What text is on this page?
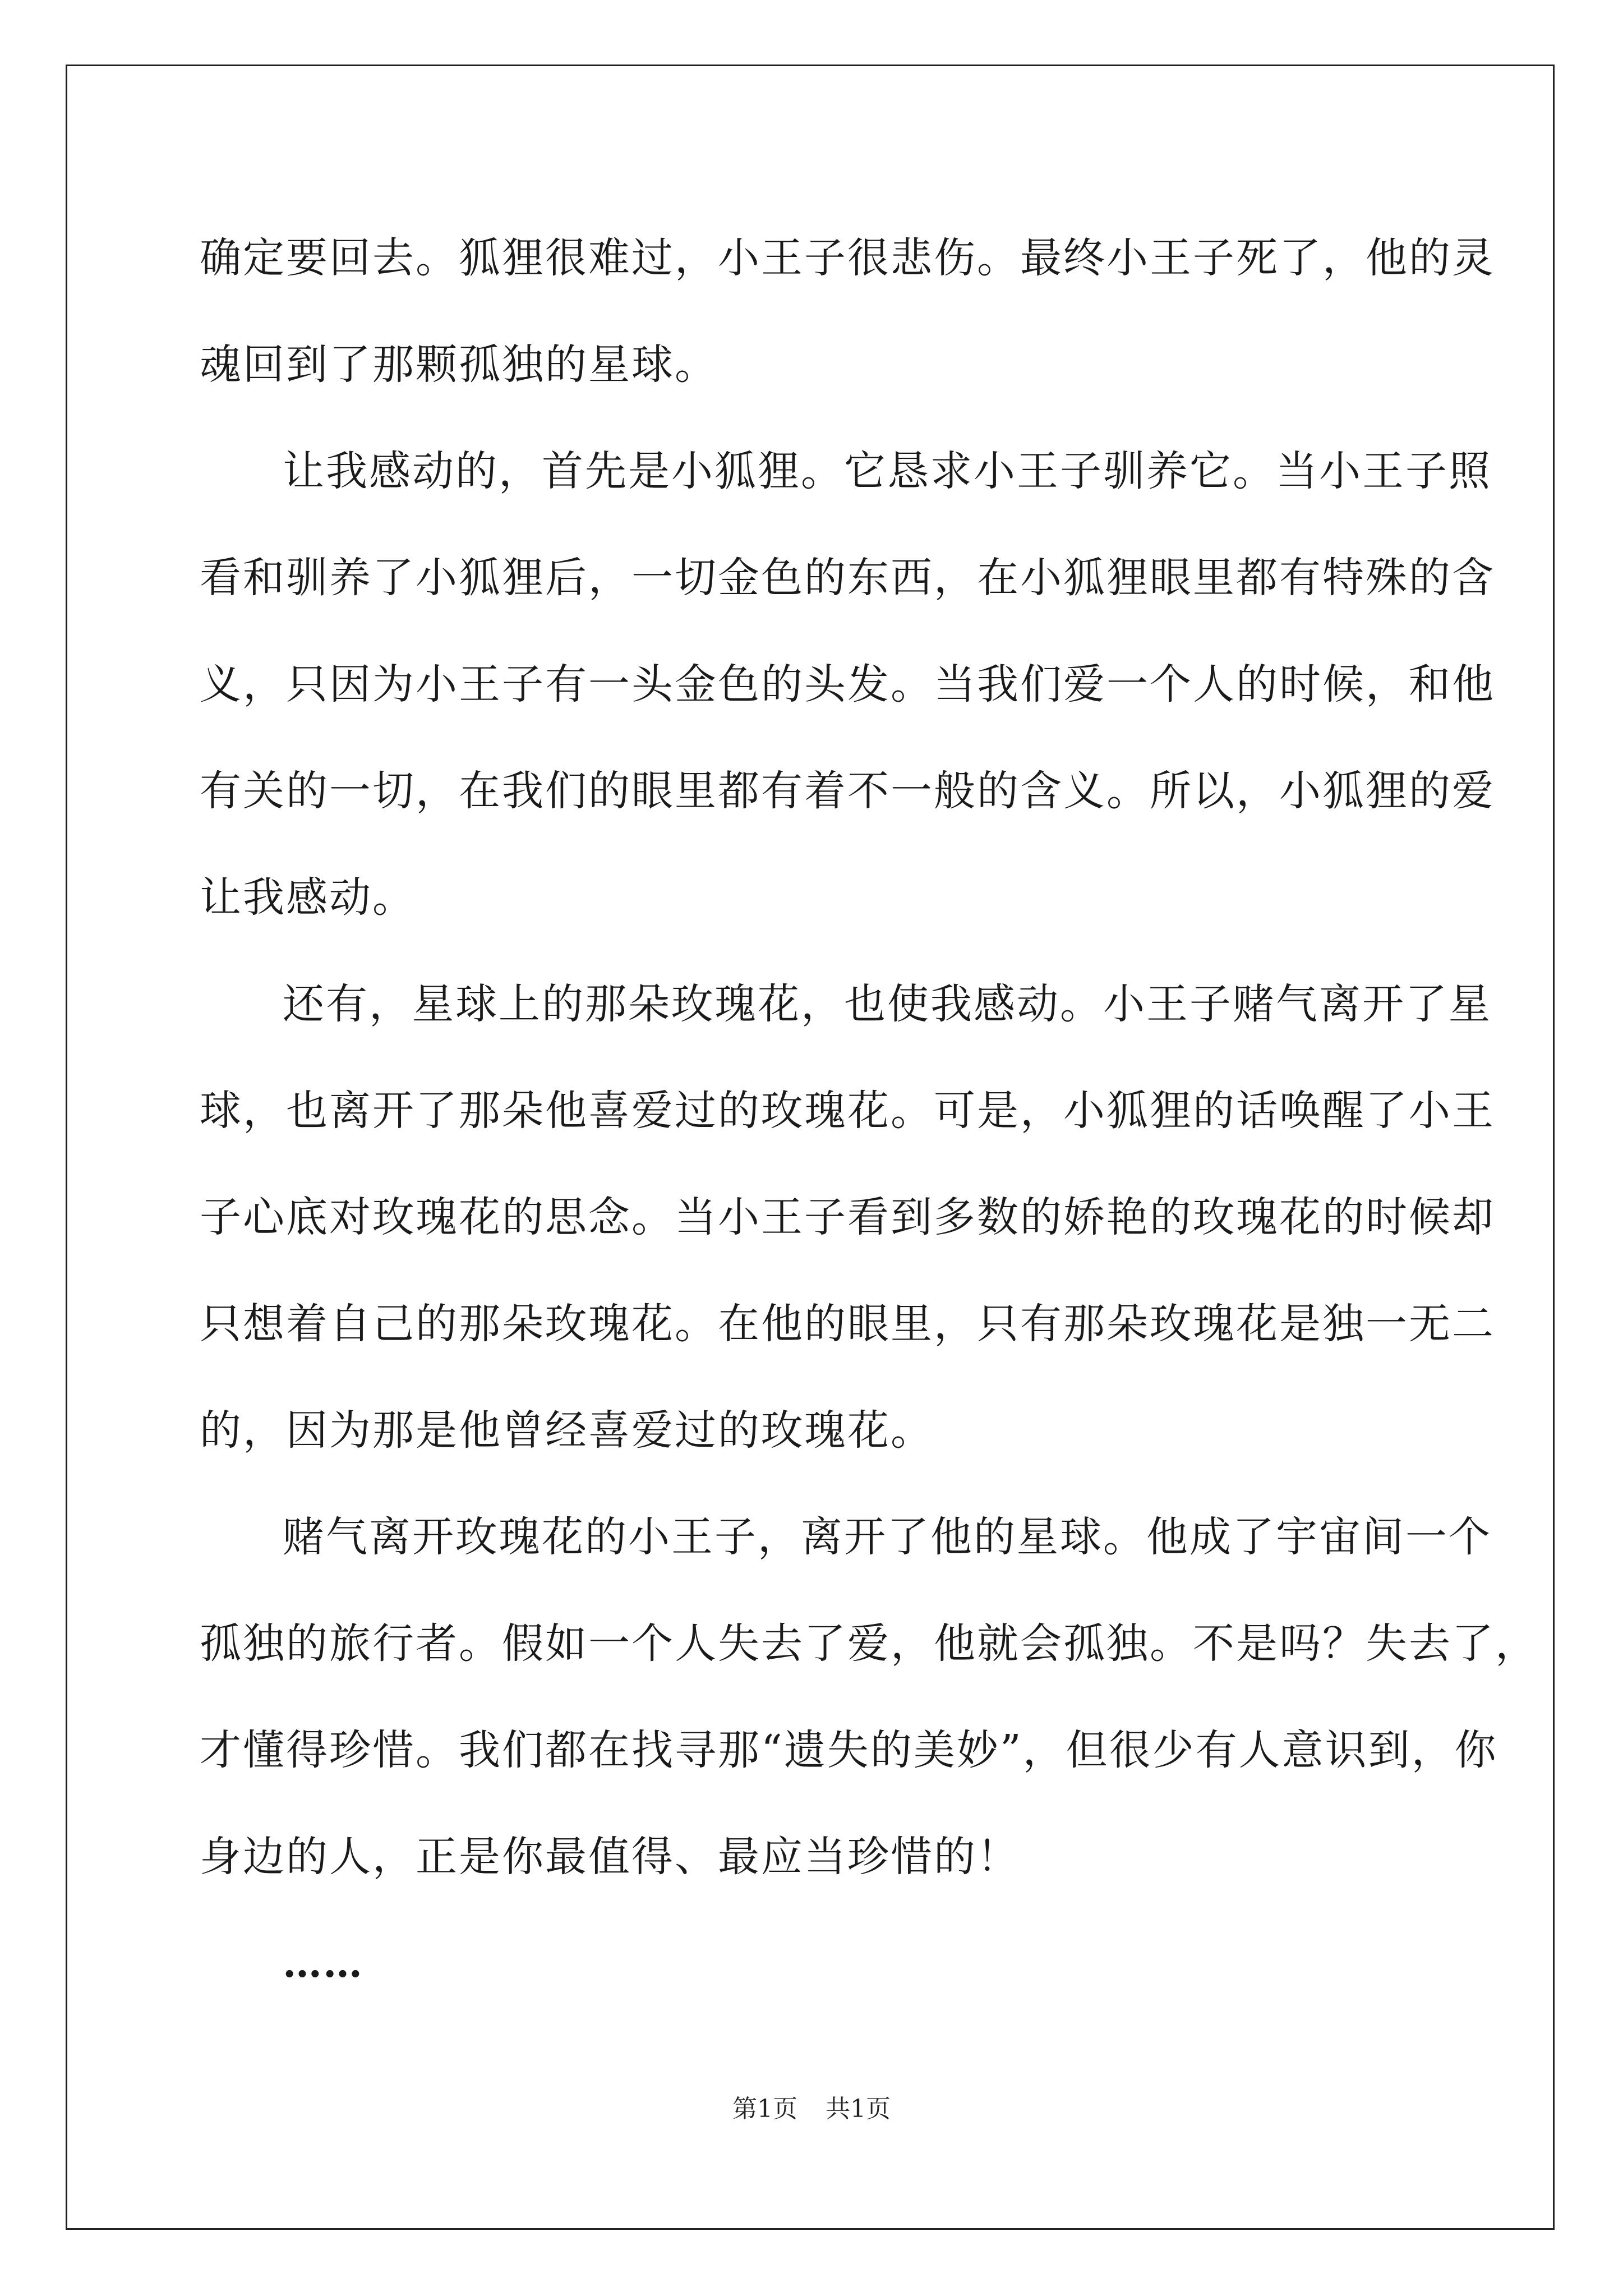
确定要回去。狐狸很难过，小王子很悲伤。最终小王子死了，他的灵
魂回到了那颗孤独的星球。
让我感动的，首先是小狐狸。它恳求小王子驯养它。当小王子照
看和驯养了小狐狸后，一切金色的东西，在小狐狸眼里都有特殊的含
义，只因为小王子有一头金色的头发。当我们爱一个人的时候，和他
有关的一切，在我们的眼里都有着不一般的含义。所以，小狐狸的爱
让我感动。
还有，星球上的那朵玫瑰花，也使我感动。小王子赌气离开了星
球，也离开了那朵他喜爱过的玫瑰花。可是，小狐狸的话唤醒了小王
子心底对玫瑰花的思念。当小王子看到多数的娇艳的玫瑰花的时候却
只想着自己的那朵玫瑰花。在他的眼里，只有那朵玫瑰花是独一无二
的，因为那是他曾经喜爱过的玫瑰花。
赌气离开玫瑰花的小王子，离开了他的星球。他成了宇宙间一个
孤独的旅行者。假如一个人失去了爱，他就会孤独。不是吗？失去了，
才懂得珍惜。我们都在找寻那“遗失的美妙”，但很少有人意识到，你
身边的人，正是你最值得、最应当珍惜的！
……
第1页 共1页
